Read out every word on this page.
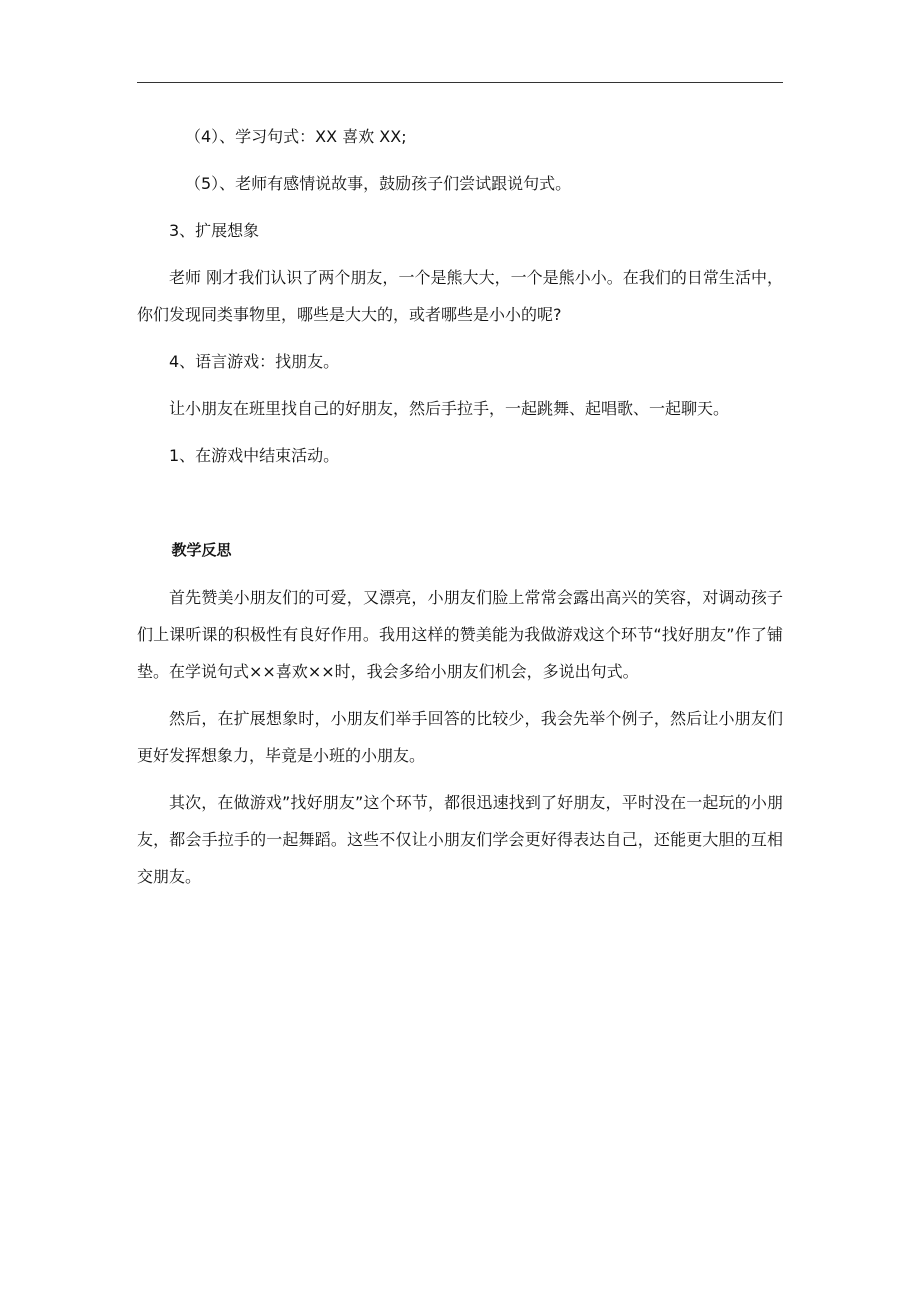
（4）、学习句式：XX 喜欢 XX;

（5）、老师有感情说故事，鼓励孩子们尝试跟说句式。

3、扩展想象

老师 刚才我们认识了两个朋友，一个是熊大大，一个是熊小小。在我们的日常生活中，你们发现同类事物里，哪些是大大的，或者哪些是小小的呢?

4、语言游戏：找朋友。

让小朋友在班里找自己的好朋友，然后手拉手，一起跳舞、起唱歌、一起聊天。

1、在游戏中结束活动。

教学反思

首先赞美小朋友们的可爱，又漂亮，小朋友们脸上常常会露出高兴的笑容，对调动孩子们上课听课的积极性有良好作用。我用这样的赞美能为我做游戏这个环节“找好朋友”作了铺垫。在学说句式××喜欢××时，我会多给小朋友们机会，多说出句式。

然后，在扩展想象时，小朋友们举手回答的比较少，我会先举个例子，然后让小朋友们更好发挥想象力，毕竟是小班的小朋友。

其次，在做游戏”找好朋友”这个环节，都很迅速找到了好朋友，平时没在一起玩的小朋友，都会手拉手的一起舞蹈。这些不仅让小朋友们学会更好得表达自己，还能更大胆的互相交朋友。
